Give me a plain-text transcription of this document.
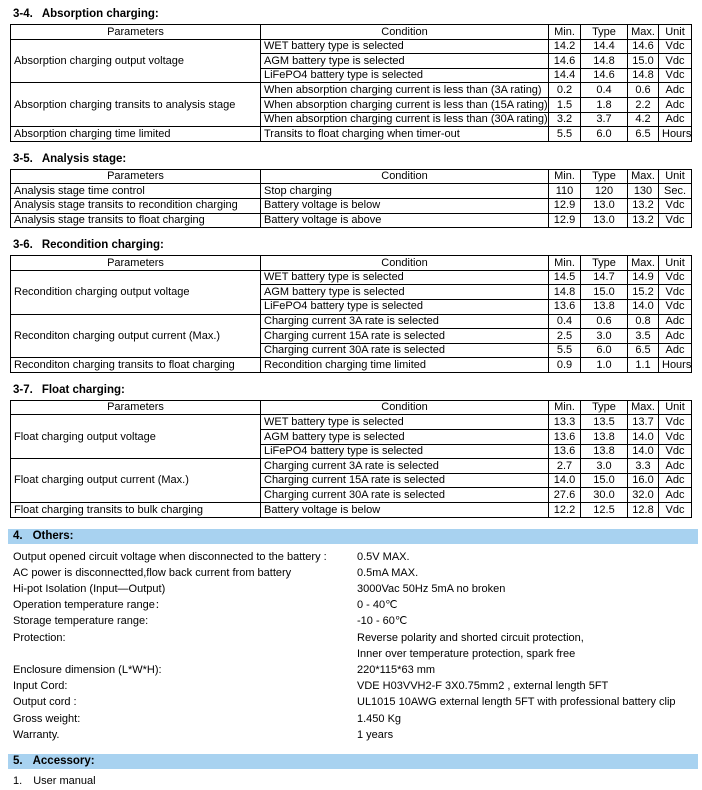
3-4. Absorption charging:
Parameters	Condition	Min.	Type	Max.	Unit
Absorption charging output voltage	WET battery type is selected	14.2	14.4	14.6	Vdc
	AGM battery type is selected	14.6	14.8	15.0	Vdc
	LiFePO4 battery type is selected	14.4	14.6	14.8	Vdc
Absorption charging transits to analysis stage	When absorption charging current is less than (3A rating)	0.2	0.4	0.6	Adc
	When absorption charging current is less than (15A rating)	1.5	1.8	2.2	Adc
	When absorption charging current is less than (30A rating)	3.2	3.7	4.2	Adc
Absorption charging time limited	Transits to float charging when timer-out	5.5	6.0	6.5	Hours
3-5. Analysis stage:
Parameters	Condition	Min.	Type	Max.	Unit
Analysis stage time control	Stop charging	110	120	130	Sec.
Analysis stage transits to recondition charging	Battery voltage is below	12.9	13.0	13.2	Vdc
Analysis stage transits to float charging	Battery voltage is above	12.9	13.0	13.2	Vdc
3-6. Recondition charging:
Parameters	Condition	Min.	Type	Max.	Unit
Recondition charging output voltage	WET battery type is selected	14.5	14.7	14.9	Vdc
	AGM battery type is selected	14.8	15.0	15.2	Vdc
	LiFePO4 battery type is selected	13.6	13.8	14.0	Vdc
Reconditon charging output current (Max.)	Charging current 3A rate is selected	0.4	0.6	0.8	Adc
	Charging current 15A rate is selected	2.5	3.0	3.5	Adc
	Charging current 30A rate is selected	5.5	6.0	6.5	Adc
Reconditon charging transits to float charging	Recondition charging time limited	0.9	1.0	1.1	Hours
3-7. Float charging:
Parameters	Condition	Min.	Type	Max.	Unit
Float charging output voltage	WET battery type is selected	13.3	13.5	13.7	Vdc
	AGM battery type is selected	13.6	13.8	14.0	Vdc
	LiFePO4 battery type is selected	13.6	13.8	14.0	Vdc
Float charging output current (Max.)	Charging current 3A rate is selected	2.7	3.0	3.3	Adc
	Charging current 15A rate is selected	14.0	15.0	16.0	Adc
	Charging current 30A rate is selected	27.6	30.0	32.0	Adc
Float charging transits to bulk charging	Battery voltage is below	12.2	12.5	12.8	Vdc
4. Others:
Output opened circuit voltage when disconnected to the battery :	0.5V MAX.
AC power is disconnectted,flow back current from battery	0.5mA MAX.
Hi-pot Isolation (Input—Output)	3000Vac 50Hz 5mA no broken
Operation temperature range：	0 - 40℃
Storage temperature range:	-10 - 60℃
Protection:	Reverse polarity and shorted circuit protection,
Inner over temperature protection, spark free
Enclosure dimension (L*W*H):	220*115*63 mm
Input Cord:	VDE H03VVH2-F 3X0.75mm2 , external length 5FT
Output cord :	UL1015 10AWG external length 5FT with professional battery clip
Gross weight:	1.450 Kg
Warranty.	1 years
5. Accessory:
1. User manual
